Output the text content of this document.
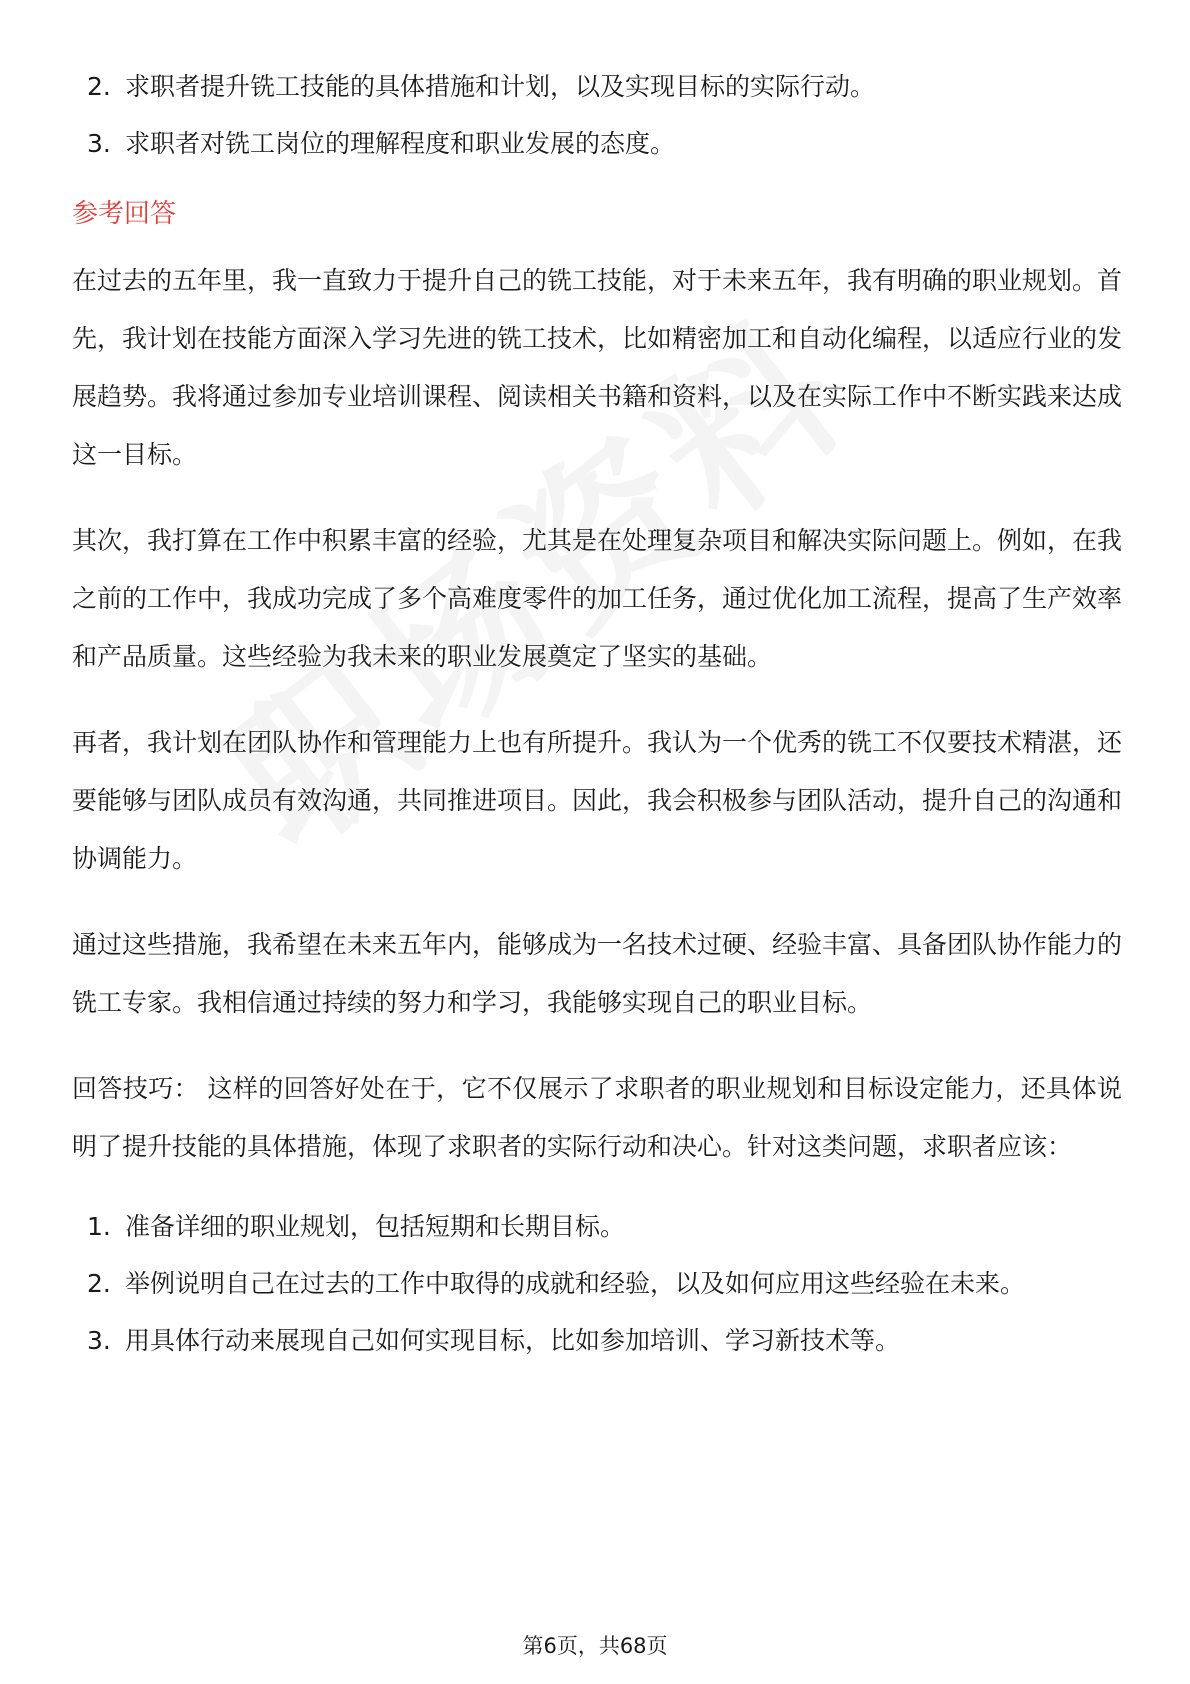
2. 求职者提升铣工技能的具体措施和计划，以及实现目标的实际行动。
3. 求职者对铣工岗位的理解程度和职业发展的态度。
参考回答

在过去的五年里，我一直致力于提升自己的铣工技能，对于未来五年，我有明确的职业规划。首先，我计划在技能方面深入学习先进的铣工技术，比如精密加工和自动化编程，以适应行业的发展趋势。我将通过参加专业培训课程、阅读相关书籍和资料，以及在实际工作中不断实践来达成这一目标。

其次，我打算在工作中积累丰富的经验，尤其是在处理复杂项目和解决实际问题上。例如，在我之前的工作中，我成功完成了多个高难度零件的加工任务，通过优化加工流程，提高了生产效率和产品质量。这些经验为我未来的职业发展奠定了坚实的基础。

再者，我计划在团队协作和管理能力上也有所提升。我认为一个优秀的铣工不仅要技术精湛，还要能够与团队成员有效沟通，共同推进项目。因此，我会积极参与团队活动，提升自己的沟通和协调能力。

通过这些措施，我希望在未来五年内，能够成为一名技术过硬、经验丰富、具备团队协作能力的铣工专家。我相信通过持续的努力和学习，我能够实现自己的职业目标。

回答技巧： 这样的回答好处在于，它不仅展示了求职者的职业规划和目标设定能力，还具体说明了提升技能的具体措施，体现了求职者的实际行动和决心。针对这类问题，求职者应该：

1. 准备详细的职业规划，包括短期和长期目标。
2. 举例说明自己在过去的工作中取得的成就和经验，以及如何应用这些经验在未来。
3. 用具体行动来展现自己如何实现目标，比如参加培训、学习新技术等。
第6页，共68页
